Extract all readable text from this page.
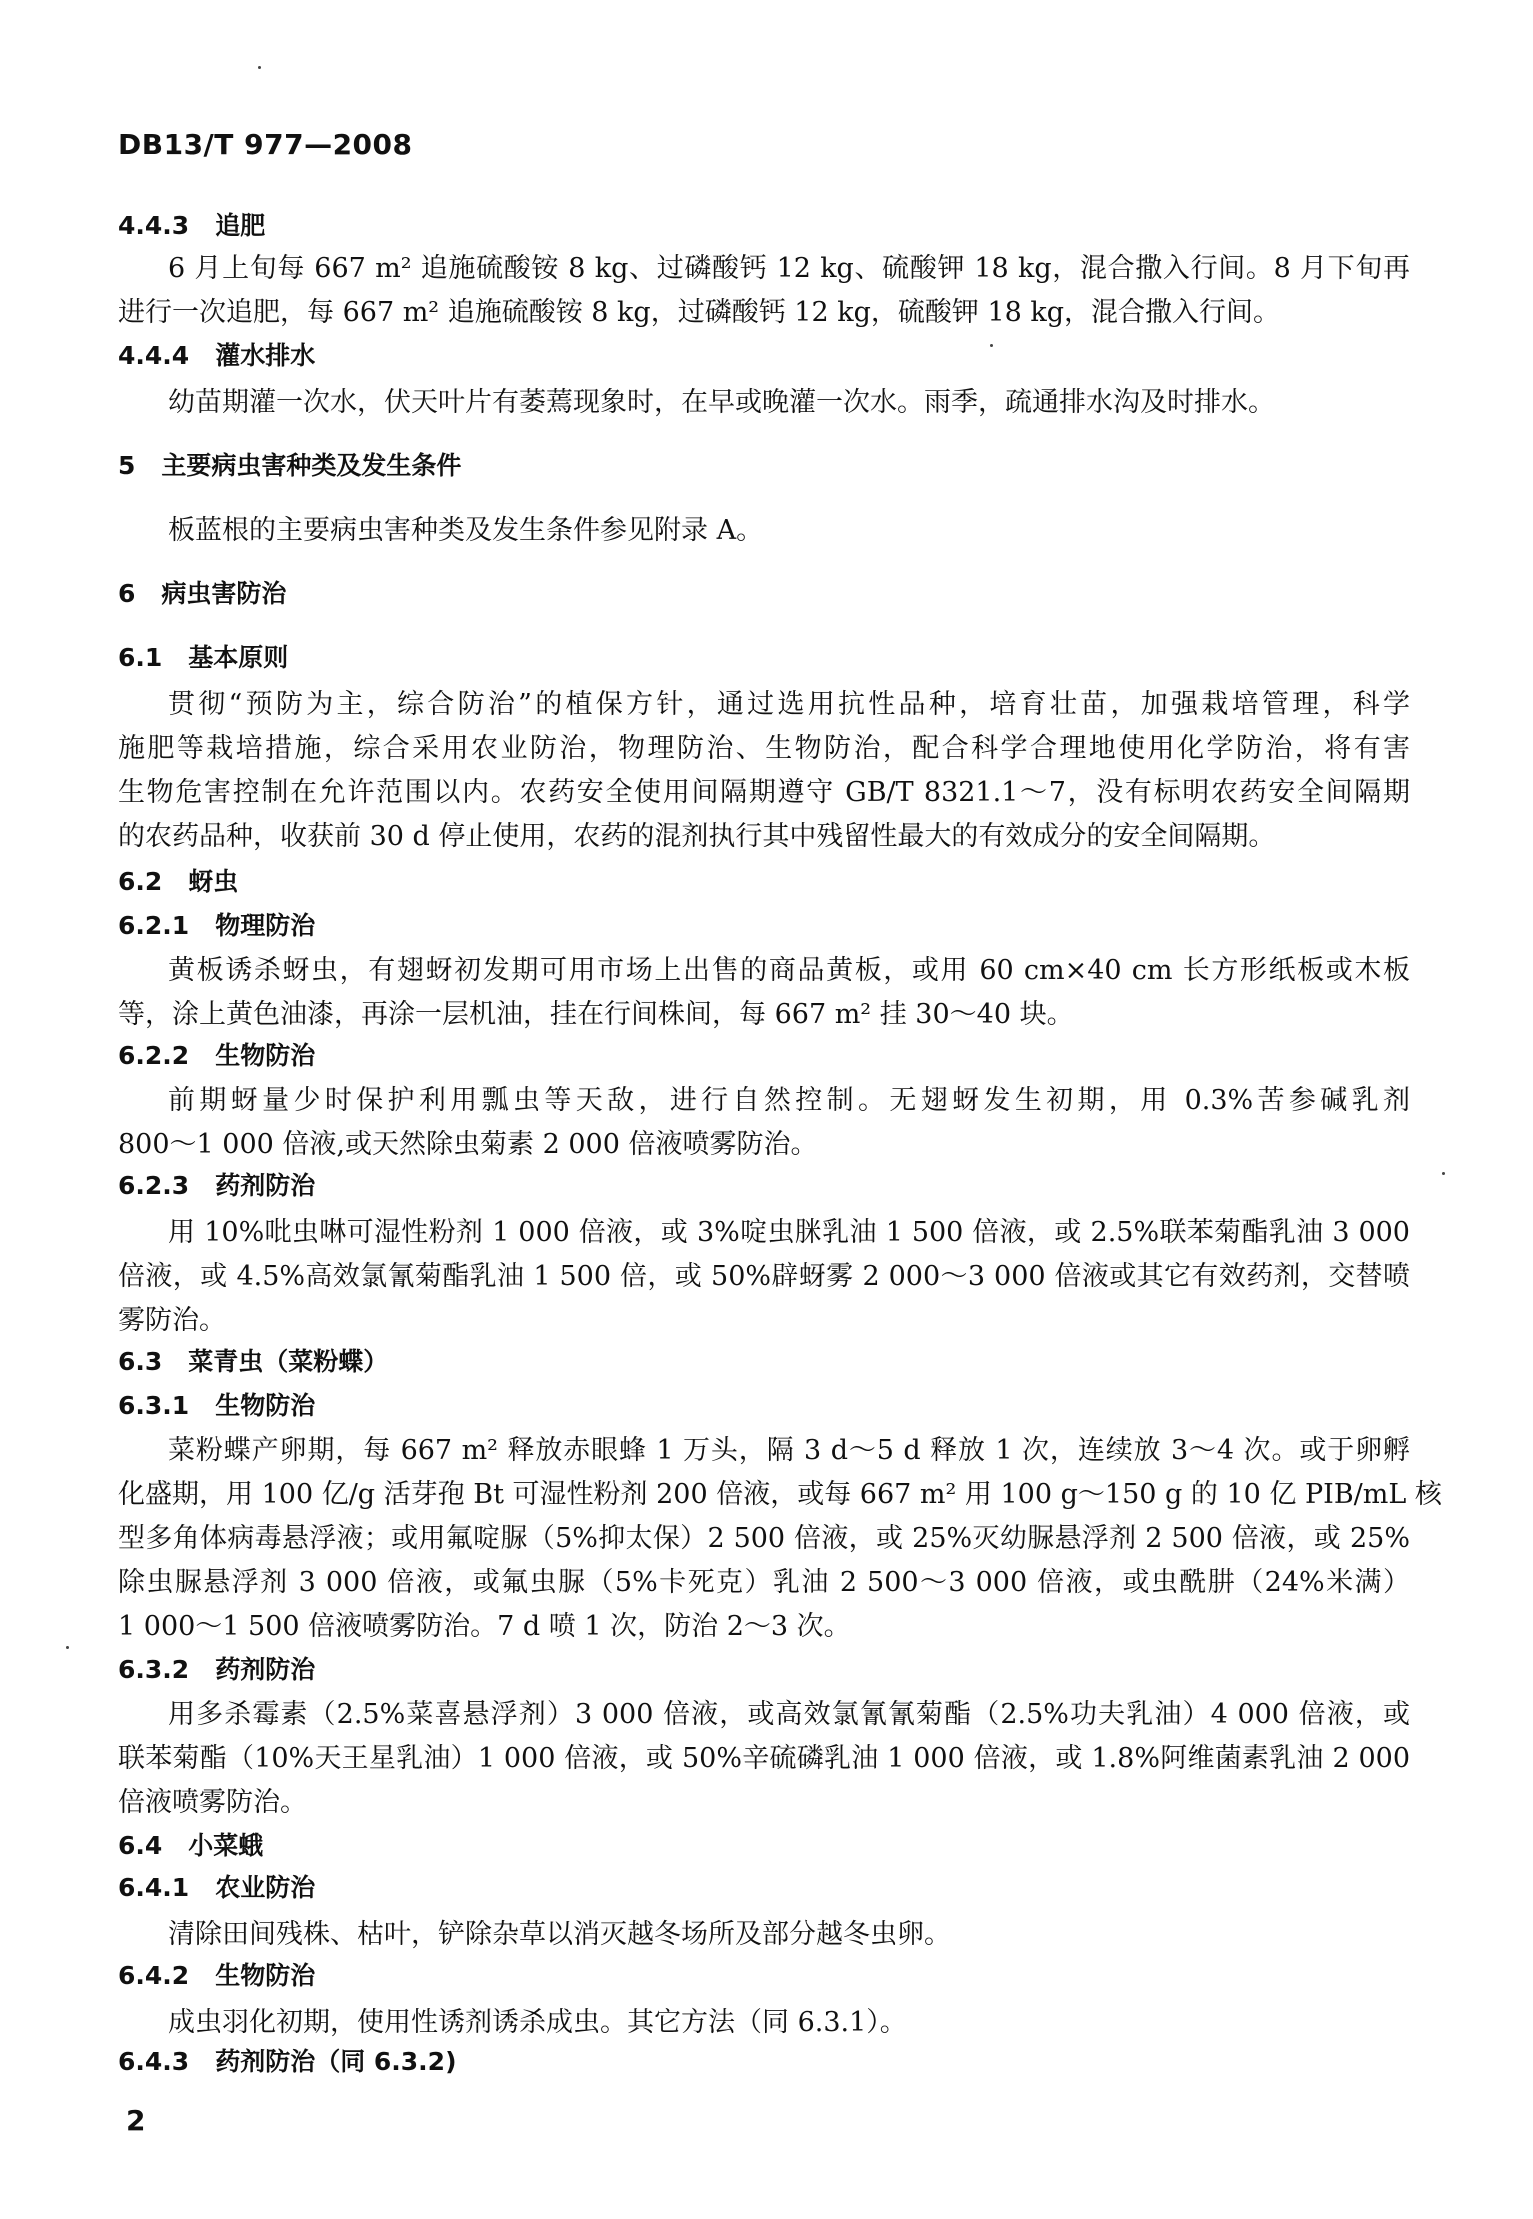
DB13/T 977—2008
4.4.3 追肥
6 月上旬每 667 m² 追施硫酸铵 8 kg、过磷酸钙 12 kg、硫酸钾 18 kg，混合撒入行间。8 月下旬再
进行一次追肥，每 667 m² 追施硫酸铵 8 kg，过磷酸钙 12 kg，硫酸钾 18 kg，混合撒入行间。
4.4.4 灌水排水
幼苗期灌一次水，伏天叶片有萎蔫现象时，在早或晚灌一次水。雨季，疏通排水沟及时排水。
5 主要病虫害种类及发生条件
板蓝根的主要病虫害种类及发生条件参见附录 A。
6 病虫害防治
6.1 基本原则
贯彻“预防为主，综合防治”的植保方针，通过选用抗性品种，培育壮苗，加强栽培管理，科学
施肥等栽培措施，综合采用农业防治，物理防治、生物防治，配合科学合理地使用化学防治，将有害
生物危害控制在允许范围以内。农药安全使用间隔期遵守 GB/T 8321.1～7，没有标明农药安全间隔期
的农药品种，收获前 30 d 停止使用，农药的混剂执行其中残留性最大的有效成分的安全间隔期。
6.2 蚜虫
6.2.1 物理防治
黄板诱杀蚜虫，有翅蚜初发期可用市场上出售的商品黄板，或用 60 cm×40 cm 长方形纸板或木板
等，涂上黄色油漆，再涂一层机油，挂在行间株间，每 667 m² 挂 30～40 块。
6.2.2 生物防治
前期蚜量少时保护利用瓢虫等天敌，进行自然控制。无翅蚜发生初期，用 0.3%苦参碱乳剂
800～1 000 倍液,或天然除虫菊素 2 000 倍液喷雾防治。
6.2.3 药剂防治
用 10%吡虫啉可湿性粉剂 1 000 倍液，或 3%啶虫脒乳油 1 500 倍液，或 2.5%联苯菊酯乳油 3 000
倍液，或 4.5%高效氯氰菊酯乳油 1 500 倍，或 50%辟蚜雾 2 000～3 000 倍液或其它有效药剂，交替喷
雾防治。
6.3 菜青虫（菜粉蝶）
6.3.1 生物防治
菜粉蝶产卵期，每 667 m² 释放赤眼蜂 1 万头，隔 3 d～5 d 释放 1 次，连续放 3～4 次。或于卵孵
化盛期，用 100 亿/g 活芽孢 Bt 可湿性粉剂 200 倍液，或每 667 m² 用 100 g～150 g 的 10 亿 PIB/mL 核
型多角体病毒悬浮液；或用氟啶脲（5%抑太保）2 500 倍液，或 25%灭幼脲悬浮剂 2 500 倍液，或 25%
除虫脲悬浮剂 3 000 倍液，或氟虫脲（5%卡死克）乳油 2 500～3 000 倍液，或虫酰肼（24%米满）
1 000～1 500 倍液喷雾防治。7 d 喷 1 次，防治 2～3 次。
6.3.2 药剂防治
用多杀霉素（2.5%菜喜悬浮剂）3 000 倍液，或高效氯氰氰菊酯（2.5%功夫乳油）4 000 倍液，或
联苯菊酯（10%天王星乳油）1 000 倍液，或 50%辛硫磷乳油 1 000 倍液，或 1.8%阿维菌素乳油 2 000
倍液喷雾防治。
6.4 小菜蛾
6.4.1 农业防治
清除田间残株、枯叶，铲除杂草以消灭越冬场所及部分越冬虫卵。
6.4.2 生物防治
成虫羽化初期，使用性诱剂诱杀成虫。其它方法（同 6.3.1）。
6.4.3 药剂防治（同 6.3.2)
2
